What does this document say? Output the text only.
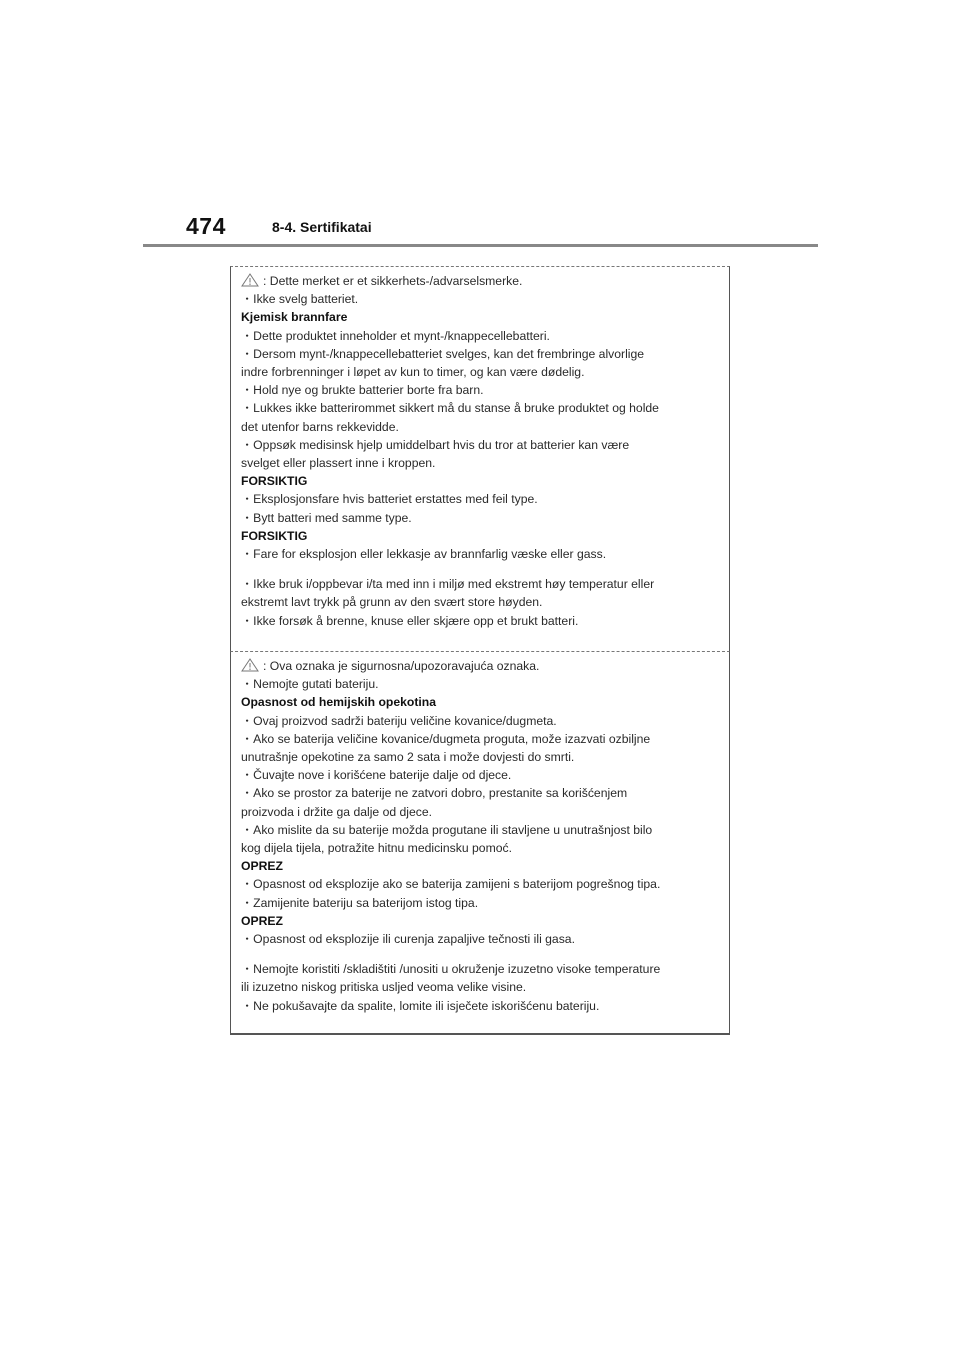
474	8-4. Sertifikatai
: Dette merket er et sikkerhets-/advarselsmerke.
・Ikke svelg batteriet.
Kjemisk brannfare
・Dette produktet inneholder et mynt-/knappecellebatteri.
・Dersom mynt-/knappecellebatteriet svelges, kan det frembringe alvorlige
indre forbrenninger i løpet av kun to timer, og kan være dødelig.
・Hold nye og brukte batterier borte fra barn.
・Lukkes ikke batterirommet sikkert må du stanse å bruke produktet og holde
det utenfor barns rekkevidde.
・Oppsøk medisinsk hjelp umiddelbart hvis du tror at batterier kan være
svelget eller plassert inne i kroppen.
FORSIKTIG
・Eksplosjonsfare hvis batteriet erstattes med feil type.
・Bytt batteri med samme type.
FORSIKTIG
・Fare for eksplosjon eller lekkasje av brannfarlig væske eller gass.
・Ikke bruk i/oppbevar i/ta med inn i miljø med ekstremt høy temperatur eller
ekstremt lavt trykk på grunn av den svært store høyden.
・Ikke forsøk å brenne, knuse eller skjære opp et brukt batteri.
: Ova oznaka je sigurnosna/upozoravajuća oznaka.
・Nemojte gutati bateriju.
Opasnost od hemijskih opekotina
・Ovaj proizvod sadrži bateriju veličine kovanice/dugmeta.
・Ako se baterija veličine kovanice/dugmeta proguta, može izazvati ozbiljne
unutrašnje opekotine za samo 2 sata i može dovjesti do smrti.
・Čuvajte nove i korišćene baterije dalje od djece.
・Ako se prostor za baterije ne zatvori dobro, prestanite sa korišćenjem
proizvoda i držite ga dalje od djece.
・Ako mislite da su baterije možda progutane ili stavljene u unutrašnjost bilo
kog dijela tijela, potražite hitnu medicinsku pomoć.
OPREZ
・Opasnost od eksplozije ako se baterija zamijeni s baterijom pogrešnog tipa.
・Zamijenite bateriju sa baterijom istog tipa.
OPREZ
・Opasnost od eksplozije ili curenja zapaljive tečnosti ili gasa.
・Nemojte koristiti /skladištiti /unositi u okruženje izuzetno visoke temperature
ili izuzetno niskog pritiska usljed veoma velike visine.
・Ne pokušavajte da spalite, lomite ili isječete iskorišćenu bateriju.
